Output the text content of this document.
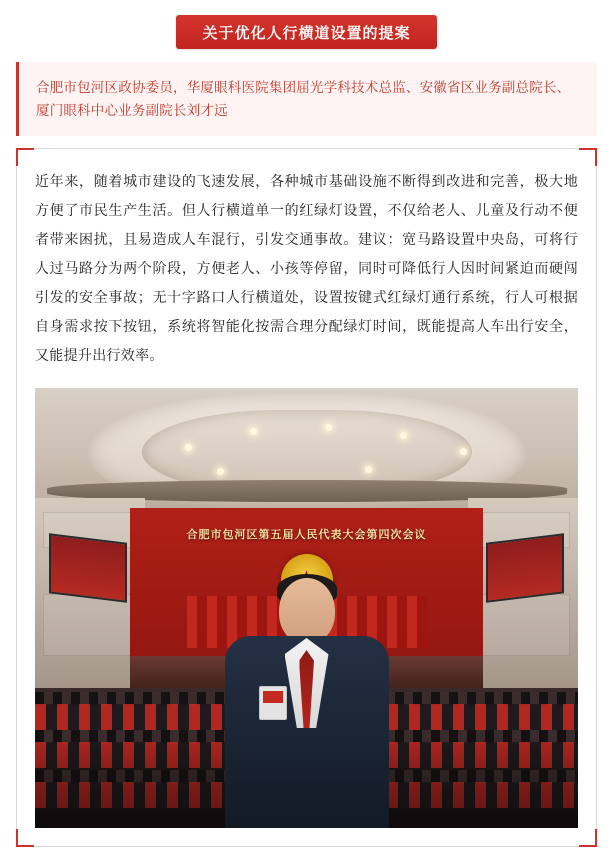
关于优化人行横道设置的提案
合肥市包河区政协委员，华厦眼科医院集团屈光学科技术总监、安徽省区业务副总院长、厦门眼科中心业务副院长刘才远
近年来，随着城市建设的飞速发展，各种城市基础设施不断得到改进和完善，极大地方便了市民生产生活。但人行横道单一的红绿灯设置，不仅给老人、儿童及行动不便者带来困扰，且易造成人车混行，引发交通事故。建议：宽马路设置中央岛，可将行人过马路分为两个阶段，方便老人、小孩等停留，同时可降低行人因时间紧迫而硬闯引发的安全事故；无十字路口人行横道处，设置按键式红绿灯通行系统，行人可根据自身需求按下按钮，系统将智能化按需合理分配绿灯时间，既能提高人车出行安全，又能提升出行效率。
合肥市包河区第五届人民代表大会第四次会议
★
